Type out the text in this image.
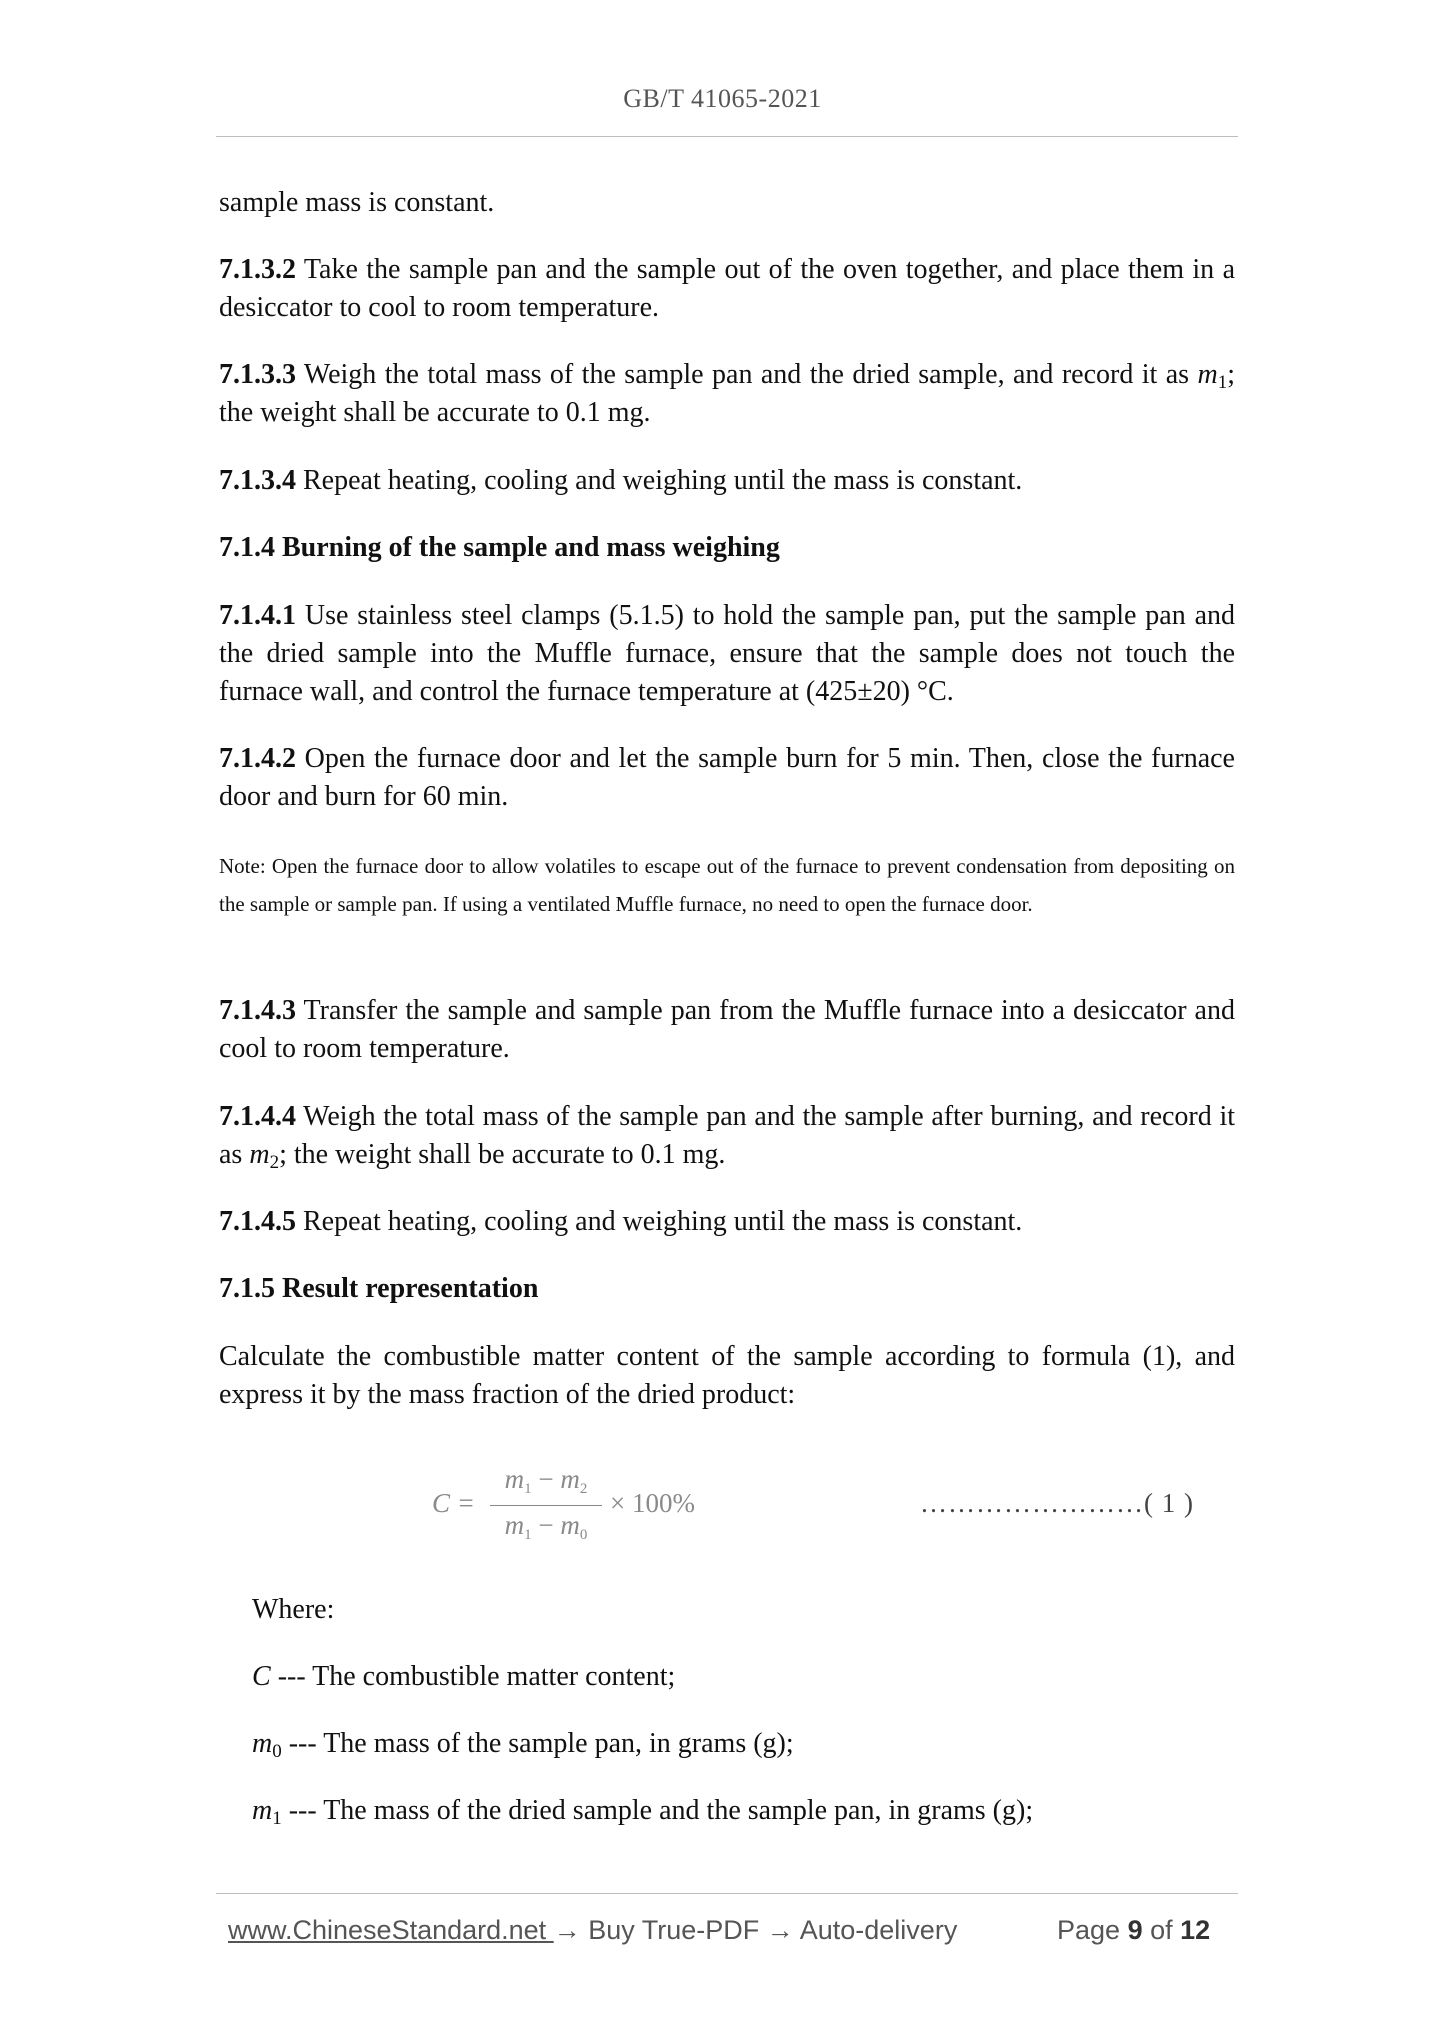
GB/T 41065-2021
sample mass is constant.
7.1.3.2 Take the sample pan and the sample out of the oven together, and place them in a desiccator to cool to room temperature.
7.1.3.3 Weigh the total mass of the sample pan and the dried sample, and record it as $m_1$; the weight shall be accurate to 0.1 mg.
7.1.3.4 Repeat heating, cooling and weighing until the mass is constant.
7.1.4 Burning of the sample and mass weighing
7.1.4.1 Use stainless steel clamps (5.1.5) to hold the sample pan, put the sample pan and the dried sample into the Muffle furnace, ensure that the sample does not touch the furnace wall, and control the furnace temperature at (425±20) °C.
7.1.4.2 Open the furnace door and let the sample burn for 5 min. Then, close the furnace door and burn for 60 min.
Note: Open the furnace door to allow volatiles to escape out of the furnace to prevent condensation from depositing on the sample or sample pan. If using a ventilated Muffle furnace, no need to open the furnace door.
7.1.4.3 Transfer the sample and sample pan from the Muffle furnace into a desiccator and cool to room temperature.
7.1.4.4 Weigh the total mass of the sample pan and the sample after burning, and record it as $m_2$; the weight shall be accurate to 0.1 mg.
7.1.4.5 Repeat heating, cooling and weighing until the mass is constant.
7.1.5 Result representation
Calculate the combustible matter content of the sample according to formula (1), and express it by the mass fraction of the dried product:
C =
$m_1 - m_2$
$m_1 - m_0$
× 100%	……………………( 1 )
Where:
C --- The combustible matter content;
$m_0$ --- The mass of the sample pan, in grams (g);
$m_1$ --- The mass of the dried sample and the sample pan, in grams (g);
www.ChineseStandard.net → Buy True-PDF → Auto-delivery	Page 9 of 12
